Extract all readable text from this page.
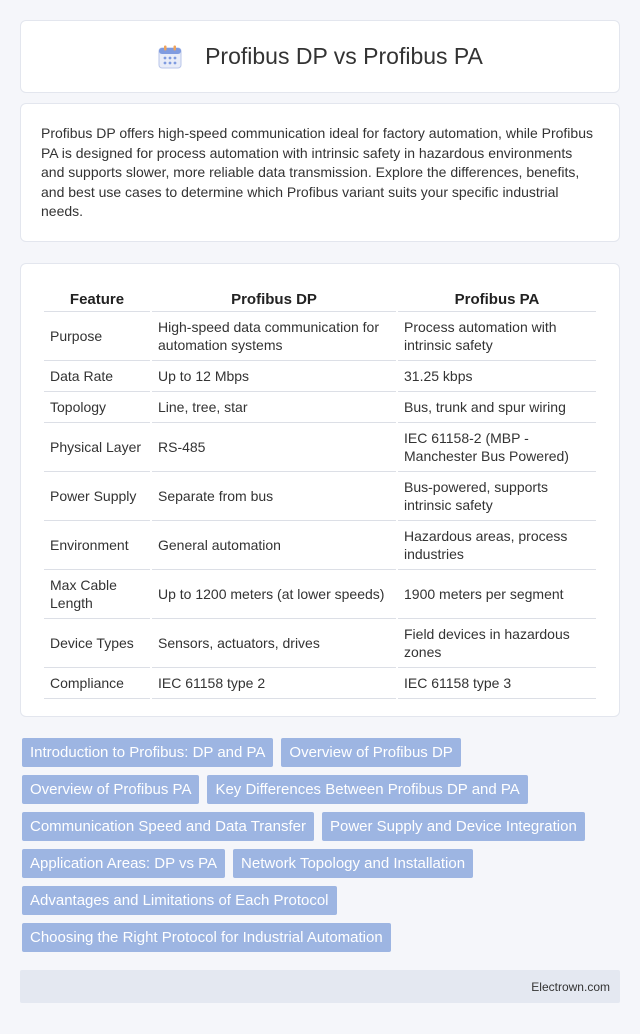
Profibus DP vs Profibus PA

Profibus DP offers high-speed communication ideal for factory automation, while Profibus PA is designed for process automation with intrinsic safety in hazardous environments and supports slower, more reliable data transmission. Explore the differences, benefits, and best use cases to determine which Profibus variant suits your specific industrial needs.

Feature	Profibus DP	Profibus PA
Purpose	High-speed data communication for automation systems	Process automation with intrinsic safety
Data Rate	Up to 12 Mbps	31.25 kbps
Topology	Line, tree, star	Bus, trunk and spur wiring
Physical Layer	RS-485	IEC 61158-2 (MBP - Manchester Bus Powered)
Power Supply	Separate from bus	Bus-powered, supports intrinsic safety
Environment	General automation	Hazardous areas, process industries
Max Cable Length	Up to 1200 meters (at lower speeds)	1900 meters per segment
Device Types	Sensors, actuators, drives	Field devices in hazardous zones
Compliance	IEC 61158 type 2	IEC 61158 type 3
Introduction to Profibus: DP and PA	Overview of Profibus DP
Overview of Profibus PA	Key Differences Between Profibus DP and PA
Communication Speed and Data Transfer	Power Supply and Device Integration
Application Areas: DP vs PA	Network Topology and Installation
Advantages and Limitations of Each Protocol
Choosing the Right Protocol for Industrial Automation
Electrown.com
